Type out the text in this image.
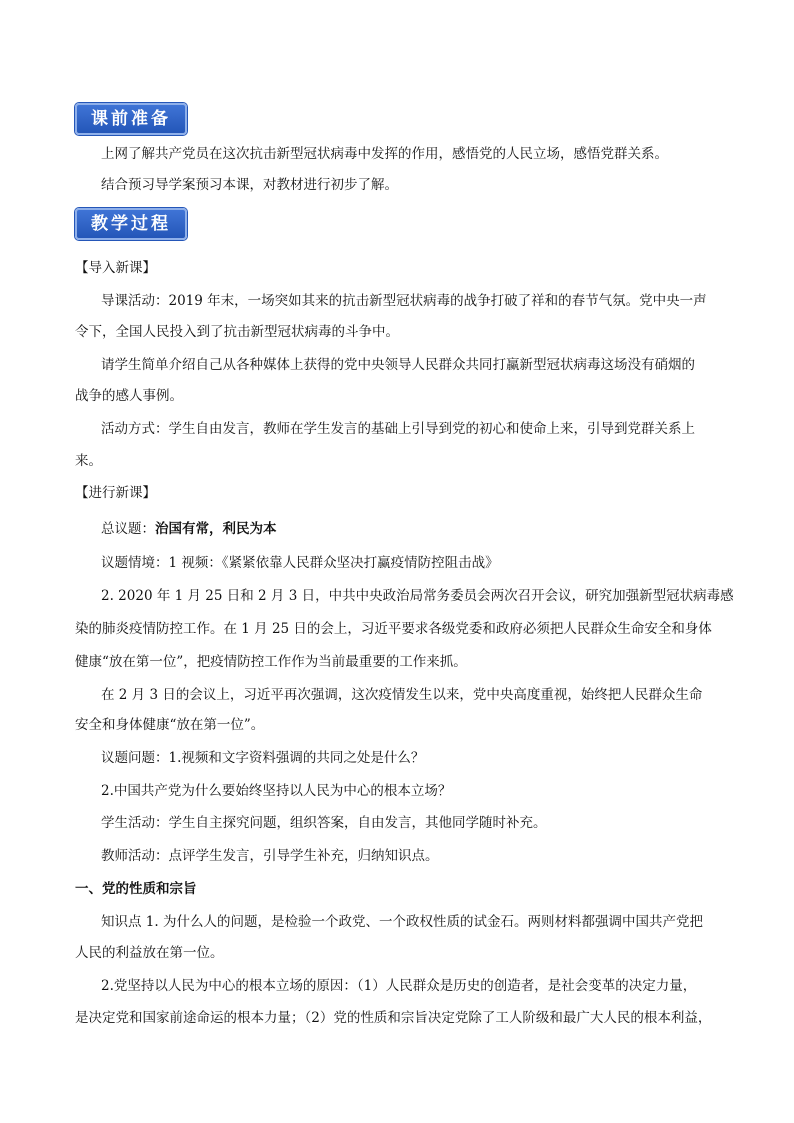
课前准备
上网了解共产党员在这次抗击新型冠状病毒中发挥的作用，感悟党的人民立场，感悟党群关系。
结合预习导学案预习本课，对教材进行初步了解。
教学过程
【导入新课】
导课活动：2019 年末，一场突如其来的抗击新型冠状病毒的战争打破了祥和的春节气氛。党中央一声
令下，全国人民投入到了抗击新型冠状病毒的斗争中。
请学生简单介绍自己从各种媒体上获得的党中央领导人民群众共同打赢新型冠状病毒这场没有硝烟的
战争的感人事例。
活动方式：学生自由发言，教师在学生发言的基础上引导到党的初心和使命上来，引导到党群关系上
来。
【进行新课】
总议题：治国有常，利民为本
议题情境：1 视频：《紧紧依靠人民群众坚决打赢疫情防控阻击战》
2. 2020 年 1 月 25 日和 2 月 3 日，中共中央政治局常务委员会两次召开会议，研究加强新型冠状病毒感
染的肺炎疫情防控工作。在 1 月 25 日的会上，习近平要求各级党委和政府必须把人民群众生命安全和身体
健康“放在第一位”，把疫情防控工作作为当前最重要的工作来抓。
在 2 月 3 日的会议上，习近平再次强调，这次疫情发生以来，党中央高度重视，始终把人民群众生命
安全和身体健康“放在第一位”。
议题问题：1.视频和文字资料强调的共同之处是什么？
2.中国共产党为什么要始终坚持以人民为中心的根本立场？
学生活动：学生自主探究问题，组织答案，自由发言，其他同学随时补充。
教师活动：点评学生发言，引导学生补充，归纳知识点。
一、党的性质和宗旨
知识点 1. 为什么人的问题，是检验一个政党、一个政权性质的试金石。两则材料都强调中国共产党把
人民的利益放在第一位。
2.党坚持以人民为中心的根本立场的原因：（1）人民群众是历史的创造者，是社会变革的决定力量，
是决定党和国家前途命运的根本力量；（2）党的性质和宗旨决定党除了工人阶级和最广大人民的根本利益，
